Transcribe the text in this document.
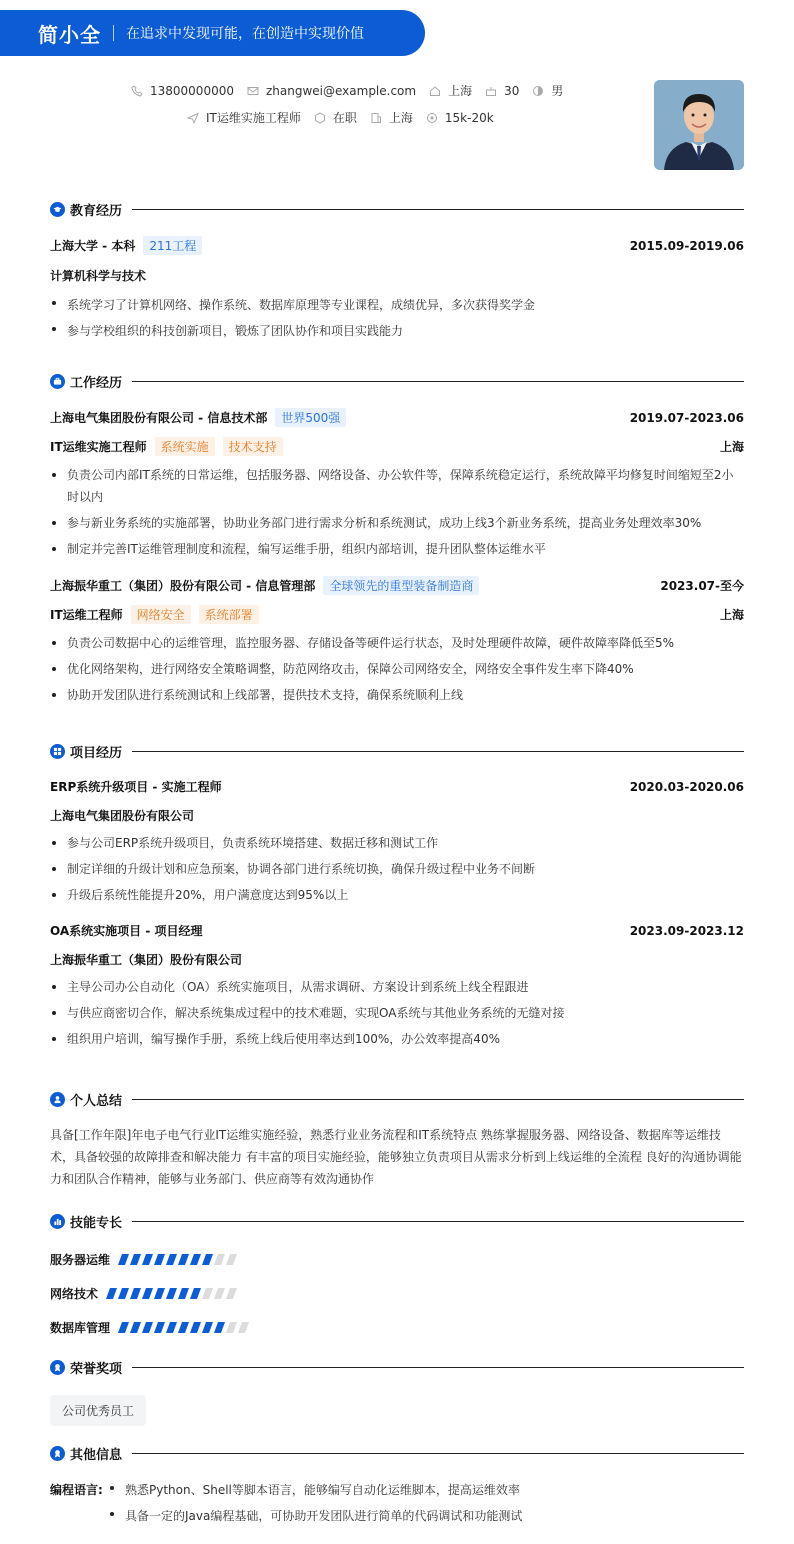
简小全 在追求中发现可能，在创造中实现价值
13800000000	zhangwei@example.com	上海	30	男
IT运维实施工程师	在职	上海	15k-20k
教育经历
上海大学 - 本科 211工程	2015.09-2019.06
计算机科学与技术
系统学习了计算机网络、操作系统、数据库原理等专业课程，成绩优异，多次获得奖学金
参与学校组织的科技创新项目，锻炼了团队协作和项目实践能力
工作经历
上海电气集团股份有限公司 - 信息技术部 世界500强	2019.07-2023.06
IT运维实施工程师 系统实施 技术支持	上海
负责公司内部IT系统的日常运维，包括服务器、网络设备、办公软件等，保障系统稳定运行，系统故障平均修复时间缩短至2小时以内
参与新业务系统的实施部署，协助业务部门进行需求分析和系统测试，成功上线3个新业务系统，提高业务处理效率30%
制定并完善IT运维管理制度和流程，编写运维手册，组织内部培训，提升团队整体运维水平
上海振华重工（集团）股份有限公司 - 信息管理部 全球领先的重型装备制造商	2023.07-至今
IT运维工程师 网络安全 系统部署	上海
负责公司数据中心的运维管理，监控服务器、存储设备等硬件运行状态，及时处理硬件故障，硬件故障率降低至5%
优化网络架构，进行网络安全策略调整，防范网络攻击，保障公司网络安全，网络安全事件发生率下降40%
协助开发团队进行系统测试和上线部署，提供技术支持，确保系统顺利上线
项目经历
ERP系统升级项目 - 实施工程师	2020.03-2020.06
上海电气集团股份有限公司
参与公司ERP系统升级项目，负责系统环境搭建、数据迁移和测试工作
制定详细的升级计划和应急预案，协调各部门进行系统切换，确保升级过程中业务不间断
升级后系统性能提升20%，用户满意度达到95%以上
OA系统实施项目 - 项目经理	2023.09-2023.12
上海振华重工（集团）股份有限公司
主导公司办公自动化（OA）系统实施项目，从需求调研、方案设计到系统上线全程跟进
与供应商密切合作，解决系统集成过程中的技术难题，实现OA系统与其他业务系统的无缝对接
组织用户培训，编写操作手册，系统上线后使用率达到100%，办公效率提高40%
个人总结

具备[工作年限]年电子电气行业IT运维实施经验，熟悉行业业务流程和IT系统特点 熟练掌握服务器、网络设备、数据库等运维技术，具备较强的故障排查和解决能力 有丰富的项目实施经验，能够独立负责项目从需求分析到上线运维的全流程 良好的沟通协调能力和团队合作精神，能够与业务部门、供应商等有效沟通协作

技能专长
服务器运维
网络技术
数据库管理
荣誉奖项
公司优秀员工
其他信息
编程语言:	熟悉Python、Shell等脚本语言，能够编写自动化运维脚本，提高运维效率
具备一定的Java编程基础，可协助开发团队进行简单的代码调试和功能测试
